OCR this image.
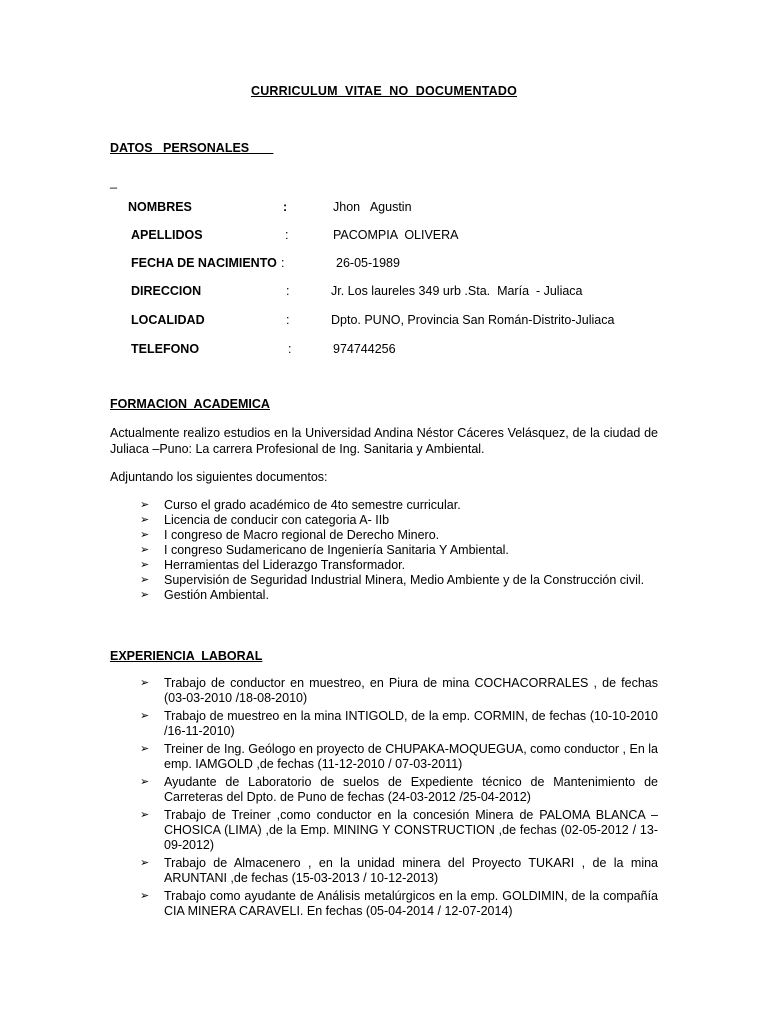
CURRICULUM  VITAE  NO  DOCUMENTADO
DATOS   PERSONALES
_
NOMBRES	:	Jhon   Agustin
APELLIDOS	:	PACOMPIA  OLIVERA
FECHA DE NACIMIENTO :	26-05-1989
DIRECCION	:	Jr. Los laureles 349 urb .Sta.  María  - Juliaca
LOCALIDAD	:	Dpto. PUNO, Provincia San Román-Distrito-Juliaca
TELEFONO	:	974744256
FORMACION  ACADEMICA

Actualmente realizo estudios en la Universidad Andina Néstor Cáceres Velásquez, de la ciudad de Juliaca –Puno: La carrera Profesional de Ing. Sanitaria y Ambiental.

Adjuntando los siguientes documentos:

➢ Curso el grado académico de 4to semestre curricular.
➢ Licencia de conducir con categoria A- IIb
➢ I congreso de Macro regional de Derecho Minero.
➢ I congreso Sudamericano de Ingeniería Sanitaria Y Ambiental.
➢ Herramientas del Liderazgo Transformador.
➢ Supervisión de Seguridad Industrial Minera, Medio Ambiente y de la Construcción civil.
➢ Gestión Ambiental.
EXPERIENCIA  LABORAL
➢ Trabajo de conductor en muestreo, en Piura de mina COCHACORRALES , de fechas (03-03-2010 /18-08-2010)
➢ Trabajo de muestreo en la mina INTIGOLD, de la emp. CORMIN, de fechas (10-10-2010 /16-11-2010)
➢ Treiner de Ing. Geólogo en proyecto de CHUPAKA-MOQUEGUA, como conductor , En la emp. IAMGOLD ,de fechas (11-12-2010 / 07-03-2011)
➢ Ayudante de Laboratorio de suelos de Expediente técnico de Mantenimiento de Carreteras del Dpto. de Puno de fechas (24-03-2012 /25-04-2012)
➢ Trabajo de Treiner ,como conductor en la concesión Minera de PALOMA BLANCA – CHOSICA (LIMA) ,de la Emp. MINING Y CONSTRUCTION ,de fechas (02-05-2012 / 13-09-2012)
➢ Trabajo de Almacenero , en la unidad minera del Proyecto TUKARI , de la mina ARUNTANI ,de fechas (15-03-2013 / 10-12-2013)
➢ Trabajo como ayudante de Análisis metalúrgicos en la emp. GOLDIMIN, de la compañía CIA MINERA CARAVELI. En fechas (05-04-2014 / 12-07-2014)
